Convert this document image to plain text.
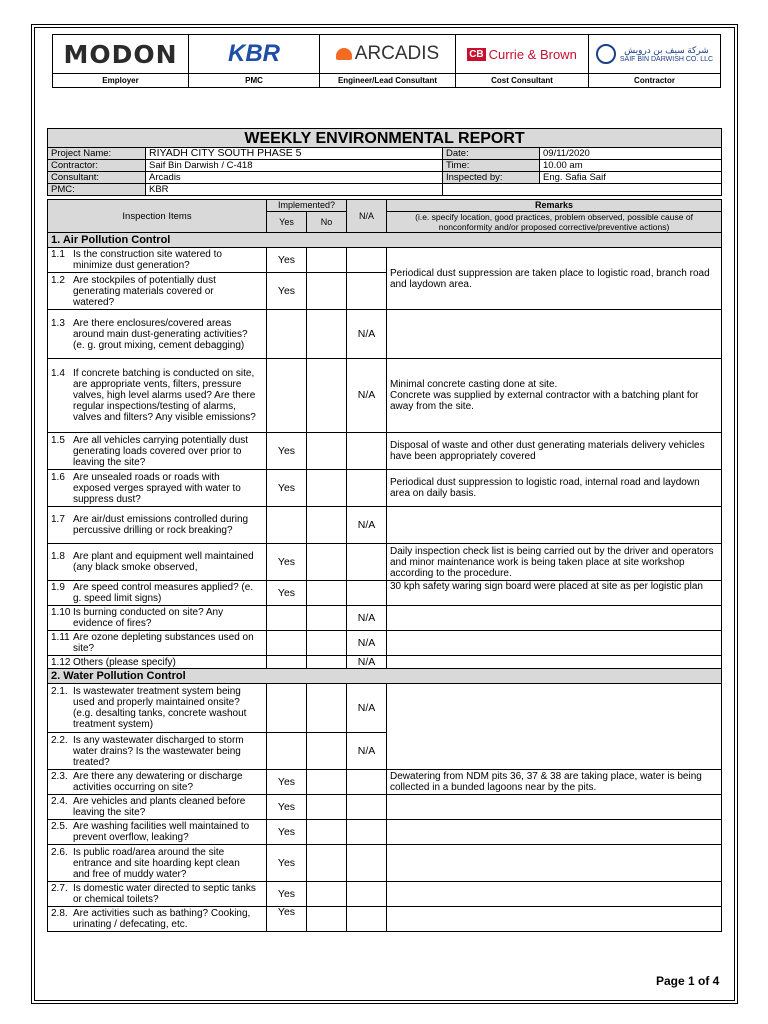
MODON	KBR	ARCADIS	CB Currie & Brown	شركة سيف بن درويش
SAIF BIN DARWISH CO. LLC

Employer	PMC	Engineer/Lead Consultant	Cost Consultant	Contractor
WEEKLY ENVIRONMENTAL REPORT							
Project Name:	RIYADH CITY SOUTH PHASE 5					Date:	09/11/2020
Contractor:	Saif Bin Darwish / C-418					Time:	10.00 am
Consultant:	Arcadis					Inspected by:	Eng. Safia Saif
PMC:	KBR						

Inspection Items		Implemented?		N/A	Remarks		
		Yes	No		(i.e. specify location, good practices, problem observed, possible cause of nonconformity and/or proposed corrective/preventive actions)		
1. Air Pollution Control							
1.1 Is the construction site watered to minimize dust generation?		Yes			Periodical dust suppression are taken place to logistic road, branch road and laydown area.		
1.2 Are stockpiles of potentially dust generating materials covered or watered?		Yes					
1.3 Are there enclosures/covered areas around main dust-generating activities? (e. g. grout mixing, cement debagging)				N/A			
1.4 If concrete batching is conducted on site, are appropriate vents, filters, pressure valves, high level alarms used? Are there regular inspections/testing of alarms, valves and filters? Any visible emissions?				N/A	Minimal concrete casting done at site.
Concrete was supplied by external contractor with a batching plant for away from the site.		
1.5 Are all vehicles carrying potentially dust generating loads covered over prior to leaving the site?		Yes			Disposal of waste and other dust generating materials delivery vehicles have been appropriately covered		
1.6 Are unsealed roads or roads with exposed verges sprayed with water to suppress dust?		Yes			Periodical dust suppression to logistic road, internal road and laydown area on daily basis.		
1.7 Are air/dust emissions controlled during percussive drilling or rock breaking?				N/A			
1.8 Are plant and equipment well maintained (any black smoke observed,		Yes			Daily inspection check list is being carried out by the driver and operators and minor maintenance work is being taken place at site workshop according to the procedure.		
1.9Are speed control measures applied? (e. g. speed limit signs)		Yes			30 kph safety waring sign board were placed at site as per logistic plan		
1.10 Is burning conducted on site? Any evidence of fires?				N/A			
1.11 Are ozone depleting substances used on site?				N/A			
1.12 Others (please specify)				N/A			
2. Water Pollution Control							
2.1. Is wastewater treatment system being used and properly maintained onsite? (e.g. desalting tanks, concrete washout treatment system)				N/A			
2.2. Is any wastewater discharged to storm water drains? Is the wastewater being treated?				N/A			
2.3. Are there any dewatering or discharge activities occurring on site?		Yes			Dewatering from NDM pits 36, 37 & 38 are taking place, water is being collected in a bunded lagoons near by the pits.		
2.4. Are vehicles and plants cleaned before leaving the site?		Yes					
2.5. Are washing facilities well maintained to prevent overflow, leaking?		Yes					
2.6. Is public road/area around the site entrance and site hoarding kept clean and free of muddy water?		Yes					
2.7. Is domestic water directed to septic tanks or chemical toilets?		Yes					
2.8. Are activities such as bathing? Cooking, urinating / defecating, etc.		Yes					
Page 1 of 4
